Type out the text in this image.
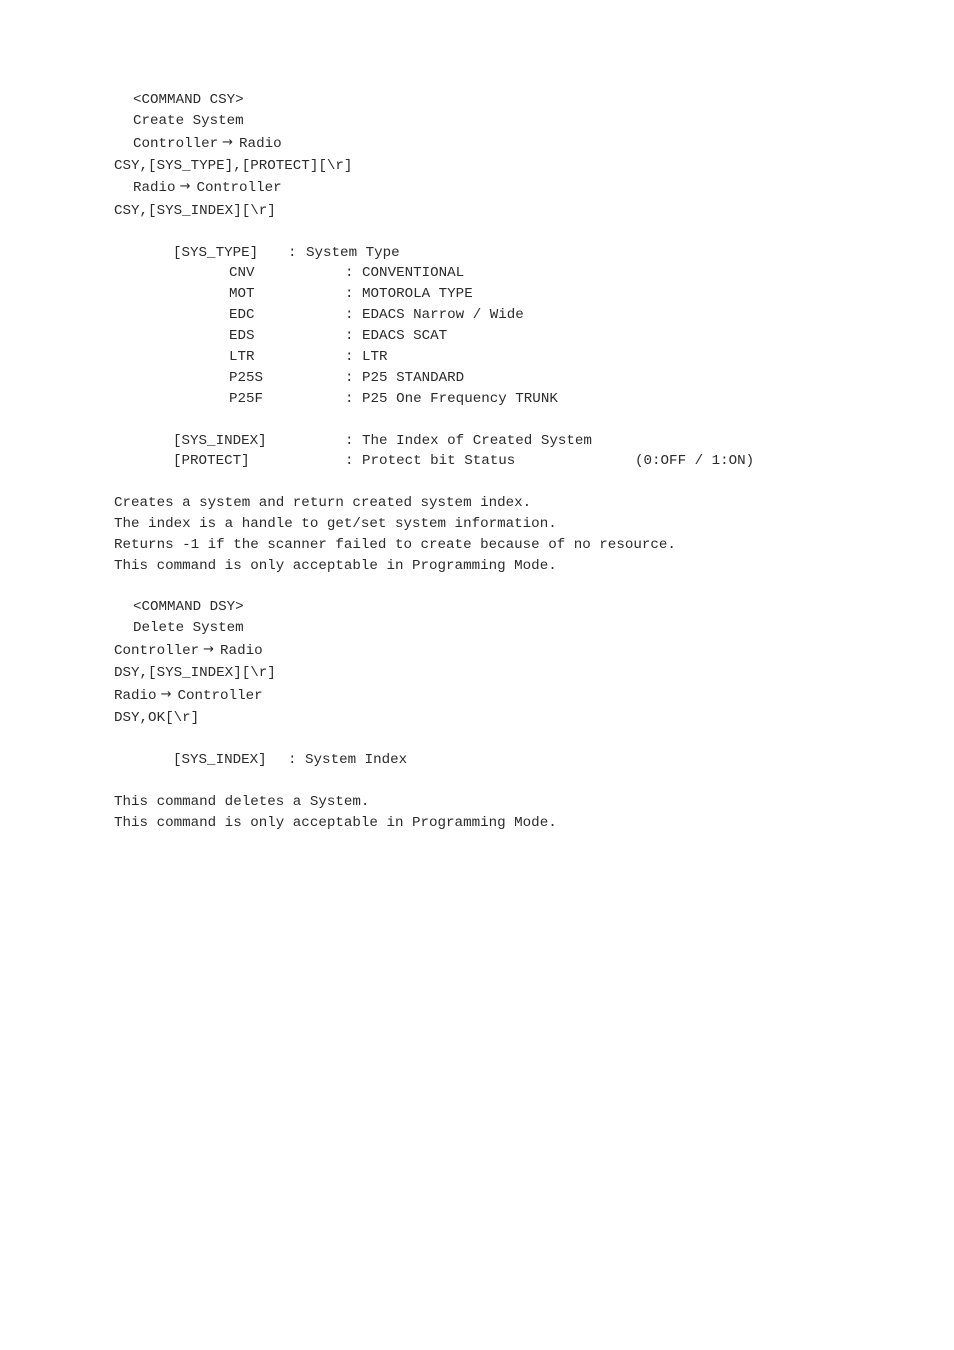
<COMMAND CSY>
Create System
Controller → Radio
CSY,[SYS_TYPE],[PROTECT][\r]
Radio → Controller
CSY,[SYS_INDEX][\r]
[SYS_TYPE] : System Type
CNV	: CONVENTIONAL
MOT	: MOTOROLA TYPE
EDC	: EDACS Narrow / Wide
EDS	: EDACS SCAT
LTR	: LTR
P25S	: P25 STANDARD
P25F	: P25 One Frequency TRUNK
[SYS_INDEX]	: The Index of Created System
[PROTECT]	: Protect bit Status	(0:OFF / 1:ON)
Creates a system and return created system index.
The index is a handle to get/set system information.
Returns -1 if the scanner failed to create because of no resource.
This command is only acceptable in Programming Mode.
<COMMAND DSY>
Delete System
Controller → Radio
DSY,[SYS_INDEX][\r]
Radio → Controller
DSY,OK[\r]
[SYS_INDEX] : System Index
This command deletes a System.
This command is only acceptable in Programming Mode.
